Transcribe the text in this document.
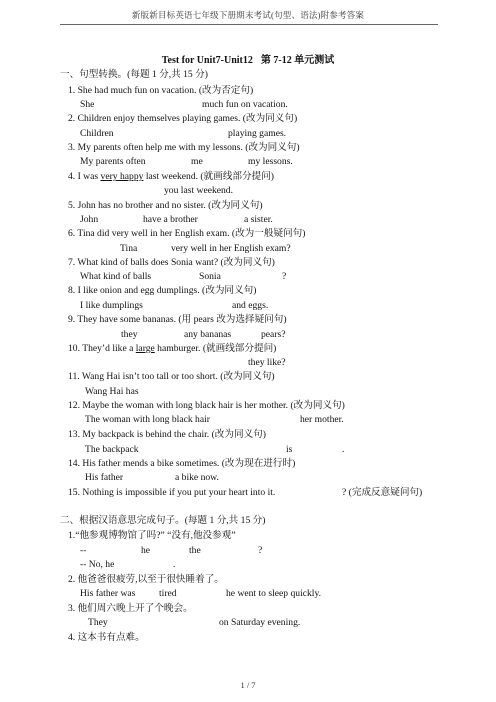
新版新目标英语七年级下册期末考试(句型、语法)附参考答案
Test for Unit7-Unit12 第 7-12 单元测试
一、句型转换。(每题 1 分,共 15 分)
1. She had much fun on vacation. (改为否定句)
She	much fun on vacation.
2. Children enjoy themselves playing games. (改为同义句)
Children	playing games.
3. My parents often help me with my lessons. (改为同义句)
My parents often	me	my lessons.
4. I was very happy last weekend. (就画线部分提问)
you last weekend.
5. John has no brother and no sister. (改为同义句)
John	have a brother	a sister.
6. Tina did very well in her English exam. (改为一般疑问句)
Tina	very well in her English exam?
7. What kind of balls does Sonia want? (改为同义句)
What kind of balls	Sonia	?
8. I like onion and egg dumplings. (改为同义句)
I like dumplings	and eggs.
9. They have some bananas. (用 pears 改为选择疑问句)
they	any bananas	pears?
10. They’d like a large hamburger. (就画线部分提问)
they like?
11. Wang Hai isn’t too tall or too short. (改为同义句)
Wang Hai has
12. Maybe the woman with long black hair is her mother. (改为同义句)
The woman with long black hair	her mother.
13. My backpack is behind the chair. (改为同义句)
The backpack	is	.
14. His father mends a bike sometimes. (改为现在进行时)
His father	a bike now.
15. Nothing is impossible if you put your heart into it.	? (完成反意疑问句)
二、根据汉语意思完成句子。(每题 1 分,共 15 分)
1.“他参观博物馆了吗?” “没有,他没参观”
--	he	the	?
-- No, he	.
2. 他爸爸很疲劳,以至于很快睡着了。
His father was tired	he went to sleep quickly.
3. 他们周六晚上开了个晚会。
They	on Saturday evening.
4. 这本书有点难。
1 / 7
